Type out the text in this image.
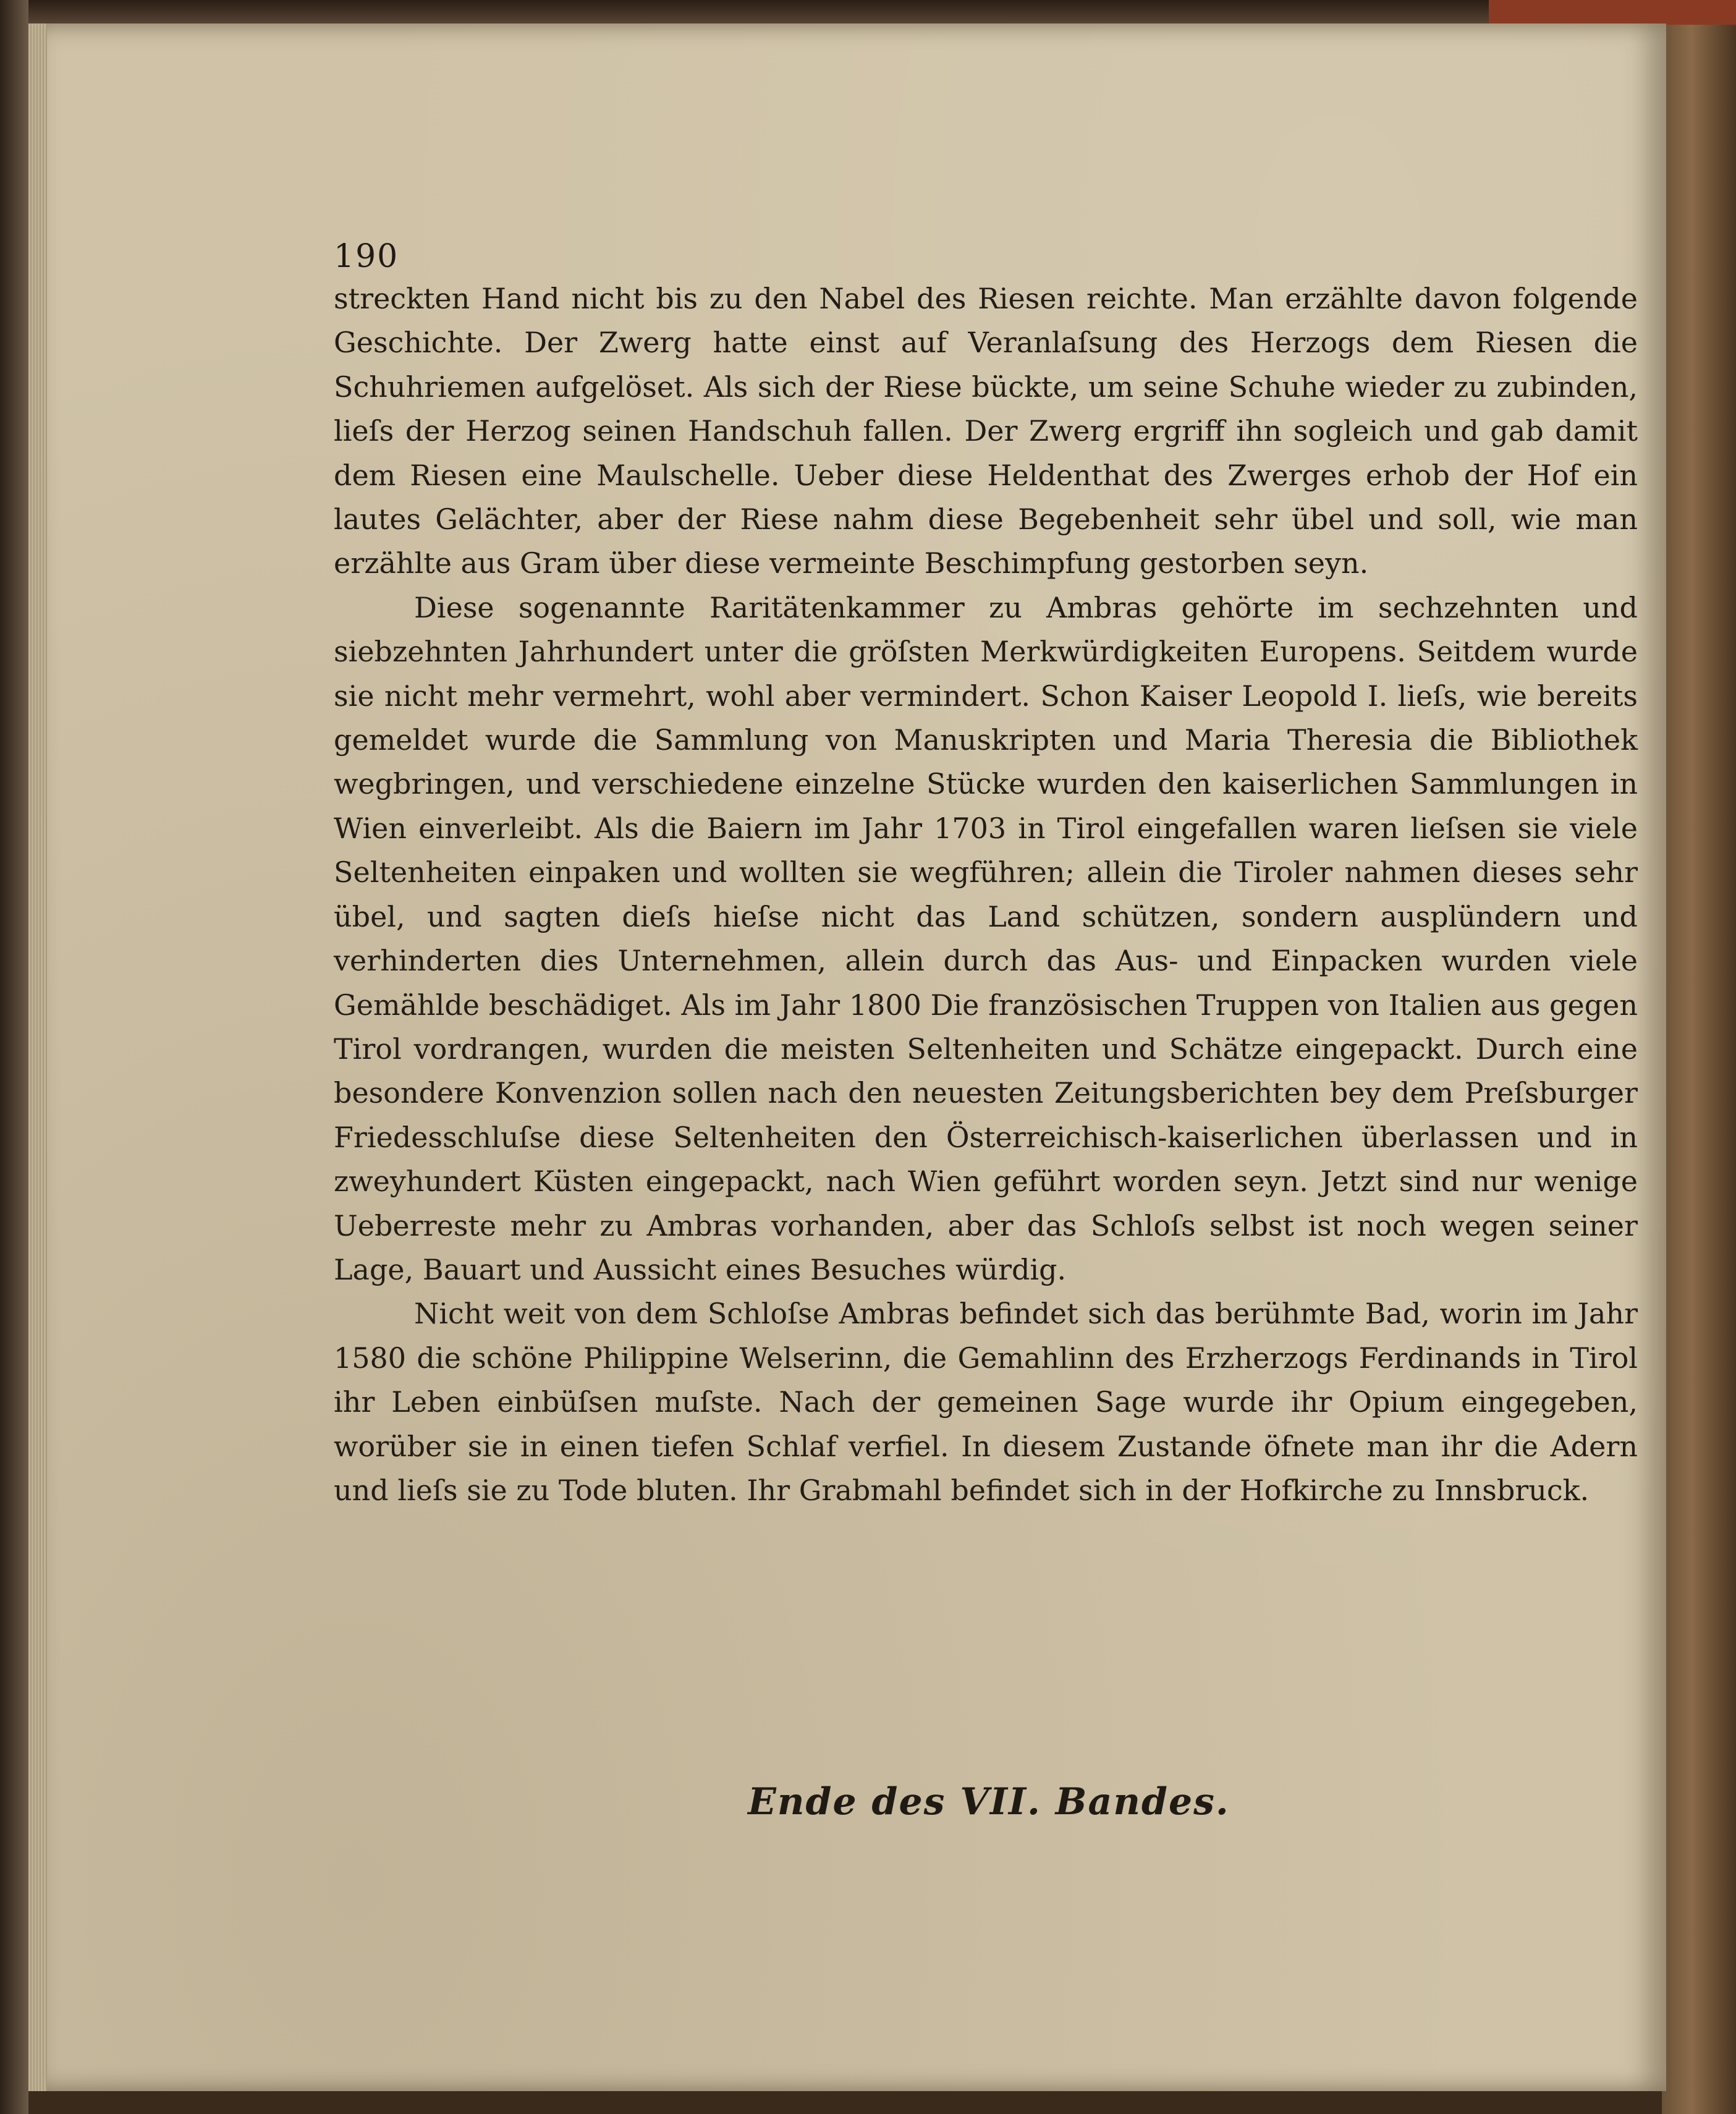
190

streckten Hand nicht bis zu den Nabel des Riesen reichte. Man erzählte davon folgende Geschichte. Der Zwerg hatte einst auf Veranlaſsung des Herzogs dem Riesen die Schuhriemen aufgelöset. Als sich der Riese bückte, um seine Schuhe wieder zu zubinden, lieſs der Herzog seinen Handschuh fallen. Der Zwerg ergriff ihn sogleich und gab damit dem Riesen eine Maulschelle. Ueber diese Heldenthat des Zwerges erhob der Hof ein lautes Gelächter, aber der Riese nahm diese Begebenheit sehr übel und soll, wie man erzählte aus Gram über diese vermeinte Beschimpfung gestorben seyn.

Diese sogenannte Raritätenkammer zu Ambras gehörte im sechzehnten und siebzehnten Jahrhundert unter die gröſsten Merkwürdigkeiten Europens. Seitdem wurde sie nicht mehr vermehrt, wohl aber vermindert. Schon Kaiser Leopold I. lieſs, wie bereits gemeldet wurde die Sammlung von Manuskripten und Maria Theresia die Bibliothek wegbringen, und verschiedene einzelne Stücke wurden den kaiserlichen Sammlungen in Wien einverleibt. Als die Baiern im Jahr 1703 in Tirol eingefallen waren lieſsen sie viele Seltenheiten einpaken und wollten sie wegführen; allein die Tiroler nahmen dieses sehr übel, und sagten dieſs hieſse nicht das Land schützen, sondern ausplündern und verhinderten dies Unternehmen, allein durch das Aus- und Einpacken wurden viele Gemählde beschädiget. Als im Jahr 1800 Die französischen Truppen von Italien aus gegen Tirol vordrangen, wurden die meisten Seltenheiten und Schätze eingepackt. Durch eine besondere Konvenzion sollen nach den neuesten Zeitungsberichten bey dem Preſsburger Friedesschluſse diese Seltenheiten den Österreichisch-kaiserlichen überlassen und in zweyhundert Küsten eingepackt, nach Wien geführt worden seyn. Jetzt sind nur wenige Ueberreste mehr zu Ambras vorhanden, aber das Schloſs selbst ist noch wegen seiner Lage, Bauart und Aussicht eines Besuches würdig.

Nicht weit von dem Schloſse Ambras befindet sich das berühmte Bad, worin im Jahr 1580 die schöne Philippine Welserinn, die Gemahlinn des Erzherzogs Ferdinands in Tirol ihr Leben einbüſsen muſste. Nach der gemeinen Sage wurde ihr Opium eingegeben, worüber sie in einen tiefen Schlaf verfiel. In diesem Zustande öfnete man ihr die Adern und lieſs sie zu Tode bluten. Ihr Grabmahl befindet sich in der Hofkirche zu Innsbruck.

Ende des VII. Bandes.
